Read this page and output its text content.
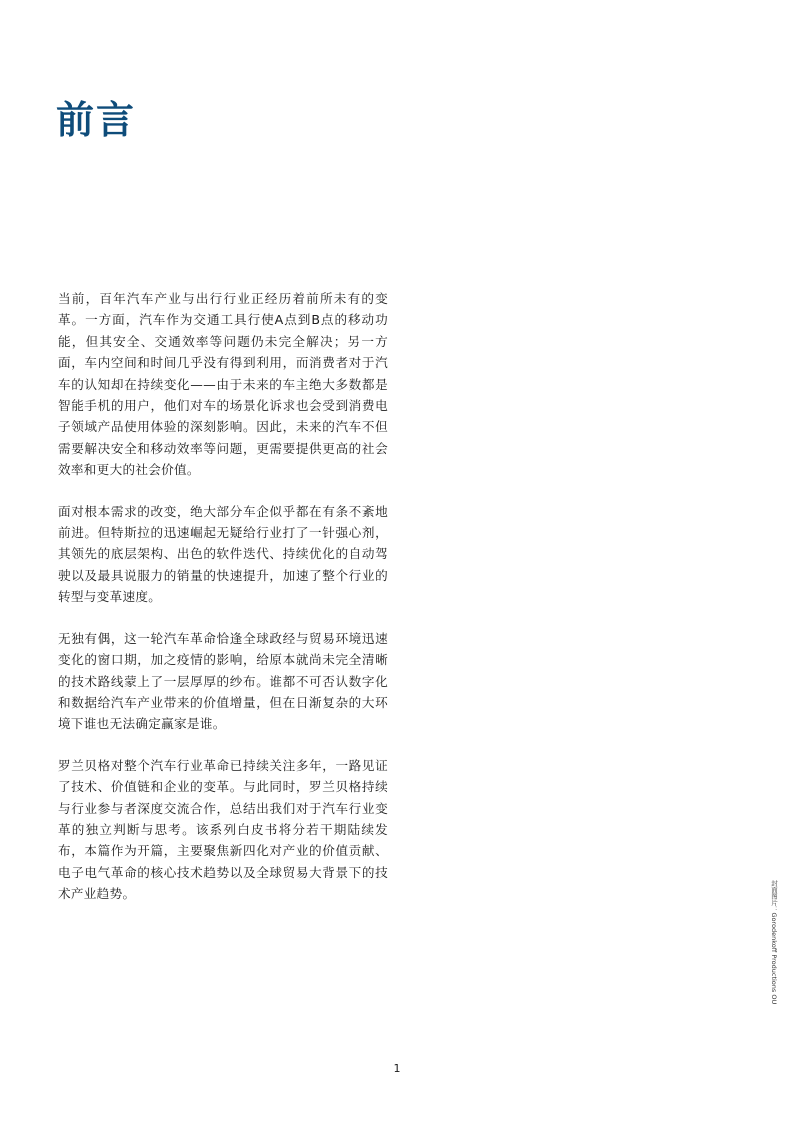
前言

当前，百年汽车产业与出行行业正经历着前所未有的变革。一方面，汽车作为交通工具行使A点到B点的移动功能，但其安全、交通效率等问题仍未完全解决；另一方面，车内空间和时间几乎没有得到利用，而消费者对于汽车的认知却在持续变化——由于未来的车主绝大多数都是智能手机的用户，他们对车的场景化诉求也会受到消费电子领域产品使用体验的深刻影响。因此，未来的汽车不但需要解决安全和移动效率等问题，更需要提供更高的社会效率和更大的社会价值。

面对根本需求的改变，绝大部分车企似乎都在有条不紊地前进。但特斯拉的迅速崛起无疑给行业打了一针强心剂，其领先的底层架构、出色的软件迭代、持续优化的自动驾驶以及最具说服力的销量的快速提升，加速了整个行业的转型与变革速度。

无独有偶，这一轮汽车革命恰逢全球政经与贸易环境迅速变化的窗口期，加之疫情的影响，给原本就尚未完全清晰的技术路线蒙上了一层厚厚的纱布。谁都不可否认数字化和数据给汽车产业带来的价值增量，但在日渐复杂的大环境下谁也无法确定赢家是谁。

罗兰贝格对整个汽车行业革命已持续关注多年，一路见证了技术、价值链和企业的变革。与此同时，罗兰贝格持续与行业参与者深度交流合作，总结出我们对于汽车行业变革的独立判断与思考。该系列白皮书将分若干期陆续发布，本篇作为开篇，主要聚焦新四化对产业的价值贡献、电子电气革命的核心技术趋势以及全球贸易大背景下的技术产业趋势。	封面图片：Gorodenkoff Productions OU

1
